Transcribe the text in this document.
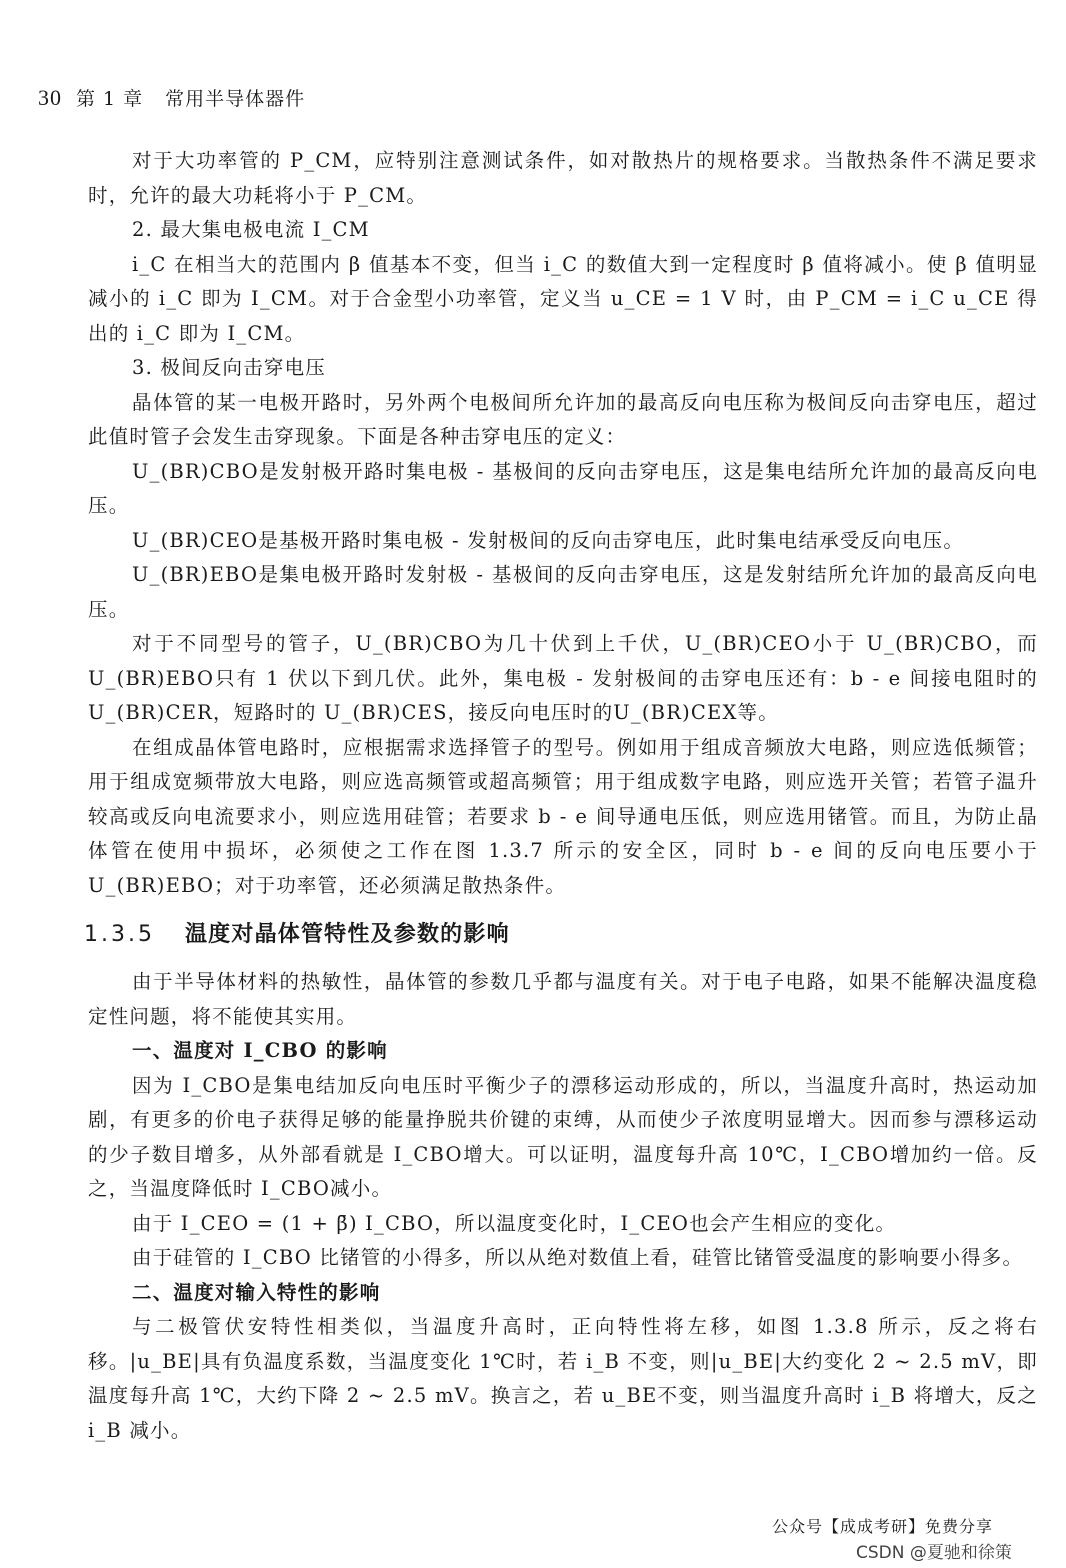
30 第 1 章 常用半导体器件

对于大功率管的 P_CM，应特别注意测试条件，如对散热片的规格要求。当散热条件不满足要求时，允许的最大功耗将小于 P_CM。

2. 最大集电极电流 I_CM

i_C 在相当大的范围内 β 值基本不变，但当 i_C 的数值大到一定程度时 β 值将减小。使 β 值明显减小的 i_C 即为 I_CM。对于合金型小功率管，定义当 u_CE = 1 V 时，由 P_CM = i_C u_CE 得出的 i_C 即为 I_CM。

3. 极间反向击穿电压

晶体管的某一电极开路时，另外两个电极间所允许加的最高反向电压称为极间反向击穿电压，超过此值时管子会发生击穿现象。下面是各种击穿电压的定义：

U_(BR)CBO是发射极开路时集电极 - 基极间的反向击穿电压，这是集电结所允许加的最高反向电压。

U_(BR)CEO是基极开路时集电极 - 发射极间的反向击穿电压，此时集电结承受反向电压。

U_(BR)EBO是集电极开路时发射极 - 基极间的反向击穿电压，这是发射结所允许加的最高反向电压。

对于不同型号的管子，U_(BR)CBO为几十伏到上千伏，U_(BR)CEO小于 U_(BR)CBO，而 U_(BR)EBO只有 1 伏以下到几伏。此外，集电极 - 发射极间的击穿电压还有：b - e 间接电阻时的 U_(BR)CER，短路时的 U_(BR)CES，接反向电压时的U_(BR)CEX等。

在组成晶体管电路时，应根据需求选择管子的型号。例如用于组成音频放大电路，则应选低频管；用于组成宽频带放大电路，则应选高频管或超高频管；用于组成数字电路，则应选开关管；若管子温升较高或反向电流要求小，则应选用硅管；若要求 b - e 间导通电压低，则应选用锗管。而且，为防止晶体管在使用中损坏，必须使之工作在图 1.3.7 所示的安全区，同时 b - e 间的反向电压要小于 U_(BR)EBO；对于功率管，还必须满足散热条件。

1.3.5 温度对晶体管特性及参数的影响

由于半导体材料的热敏性，晶体管的参数几乎都与温度有关。对于电子电路，如果不能解决温度稳定性问题，将不能使其实用。

一、温度对 I_CBO 的影响

因为 I_CBO是集电结加反向电压时平衡少子的漂移运动形成的，所以，当温度升高时，热运动加剧，有更多的价电子获得足够的能量挣脱共价键的束缚，从而使少子浓度明显增大。因而参与漂移运动的少子数目增多，从外部看就是 I_CBO增大。可以证明，温度每升高 10℃，I_CBO增加约一倍。反之，当温度降低时 I_CBO减小。

由于 I_CEO = (1 + β̄) I_CBO，所以温度变化时，I_CEO也会产生相应的变化。

由于硅管的 I_CBO 比锗管的小得多，所以从绝对数值上看，硅管比锗管受温度的影响要小得多。

二、温度对输入特性的影响

与二极管伏安特性相类似，当温度升高时，正向特性将左移，如图 1.3.8 所示，反之将右移。|u_BE|具有负温度系数，当温度变化 1℃时，若 i_B 不变，则|u_BE|大约变化 2 ~ 2.5 mV，即温度每升高 1℃，大约下降 2 ~ 2.5 mV。换言之，若 u_BE不变，则当温度升高时 i_B 将增大，反之 i_B 减小。

公众号【成成考研】免费分享
CSDN @夏驰和徐策
